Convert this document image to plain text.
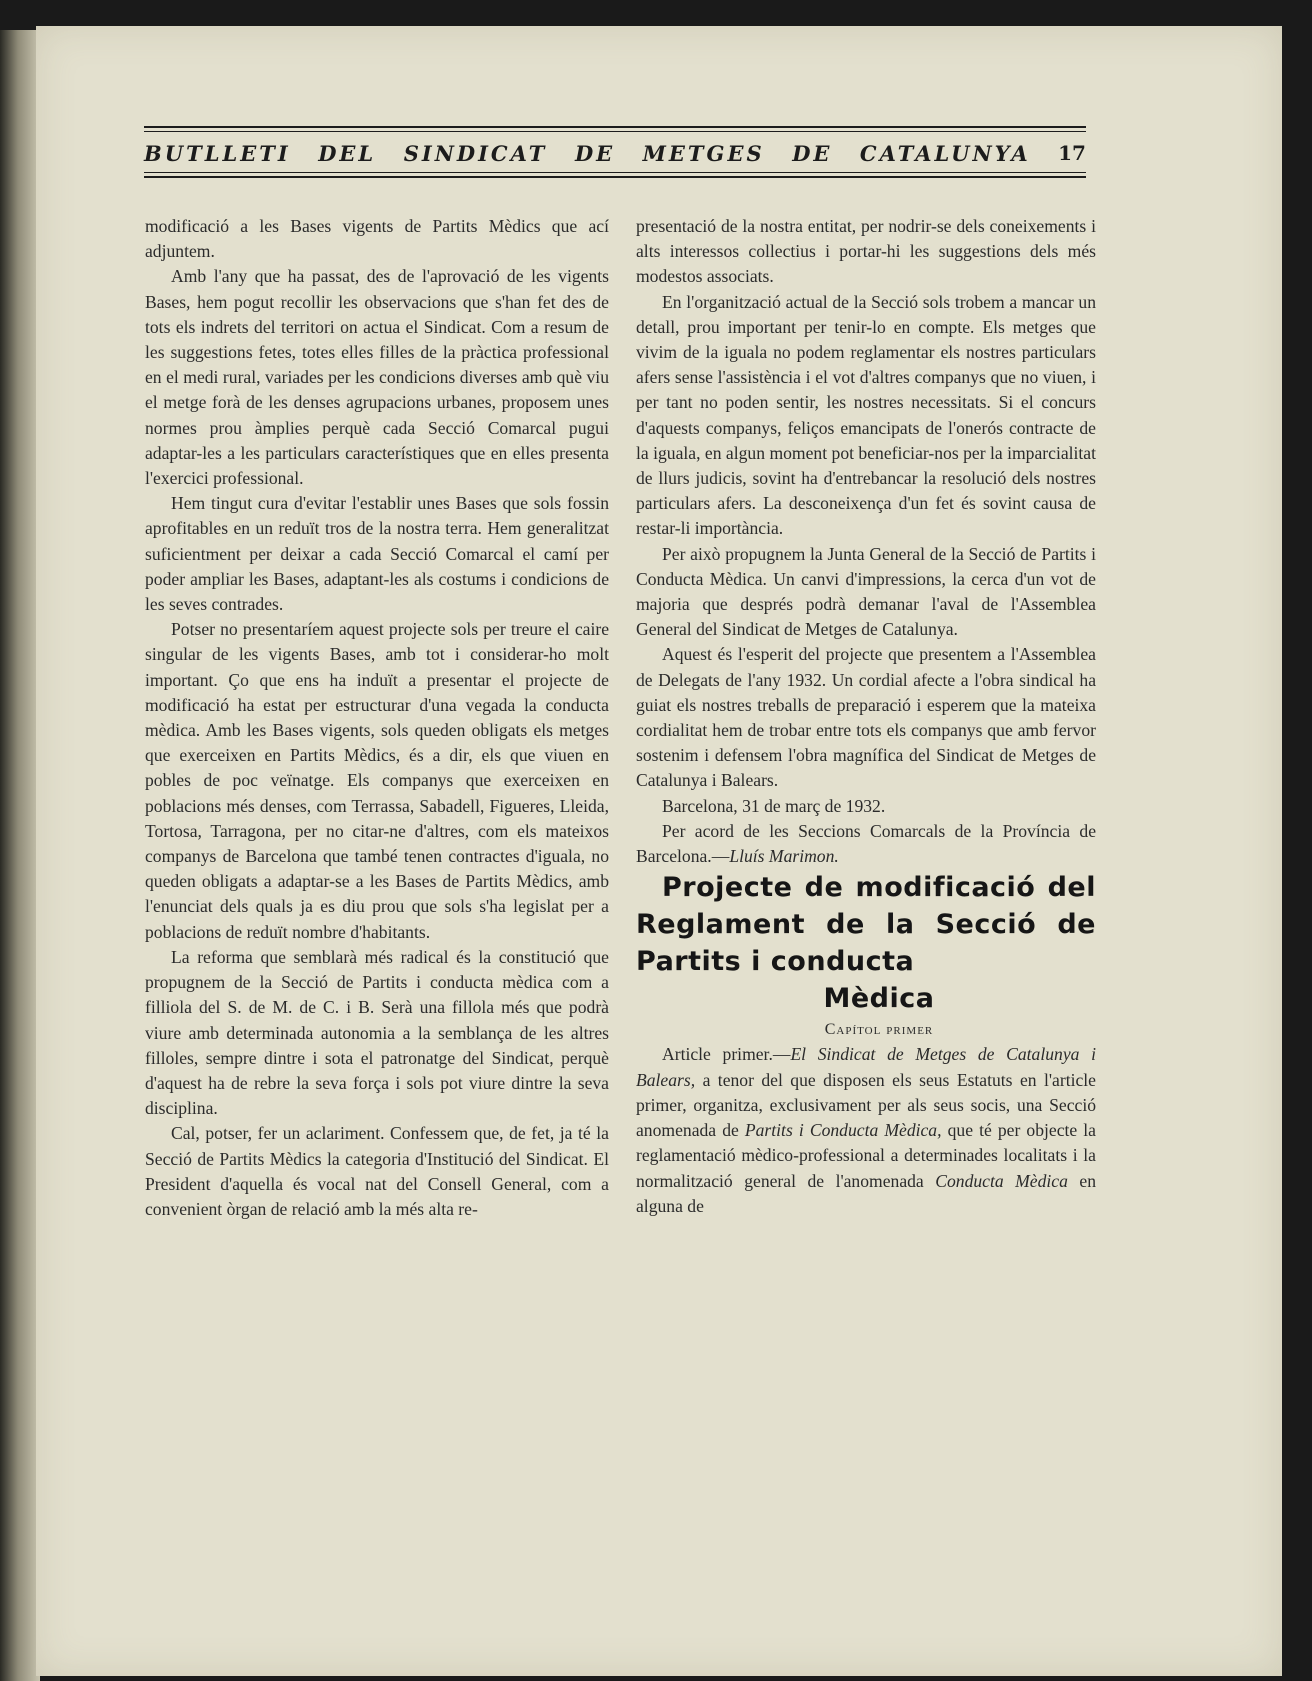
BUTLLETI DEL SINDICAT DE METGES DE CATALUNYA 17

modificació a les Bases vigents de Partits Mèdics que ací adjuntem.

Amb l'any que ha passat, des de l'aprovació de les vigents Bases, hem pogut recollir les observacions que s'han fet des de tots els indrets del territori on actua el Sindicat. Com a resum de les suggestions fetes, totes elles filles de la pràctica professional en el medi rural, variades per les condicions diverses amb què viu el metge forà de les denses agrupacions urbanes, proposem unes normes prou àmplies perquè cada Secció Comarcal pugui adaptar-les a les particulars característiques que en elles presenta l'exercici professional.

Hem tingut cura d'evitar l'establir unes Bases que sols fossin aprofitables en un reduït tros de la nostra terra. Hem generalitzat suficientment per deixar a cada Secció Comarcal el camí per poder ampliar les Bases, adaptant-les als costums i condicions de les seves contrades.

Potser no presentaríem aquest projecte sols per treure el caire singular de les vigents Bases, amb tot i considerar-ho molt important. Ço que ens ha induït a presentar el projecte de modificació ha estat per estructurar d'una vegada la conducta mèdica. Amb les Bases vigents, sols queden obligats els metges que exerceixen en Partits Mèdics, és a dir, els que viuen en pobles de poc veïnatge. Els companys que exerceixen en poblacions més denses, com Terrassa, Sabadell, Figueres, Lleida, Tortosa, Tarragona, per no citar-ne d'altres, com els mateixos companys de Barcelona que també tenen contractes d'iguala, no queden obligats a adaptar-se a les Bases de Partits Mèdics, amb l'enunciat dels quals ja es diu prou que sols s'ha legislat per a poblacions de reduït nombre d'habitants.

La reforma que semblarà més radical és la constitució que propugnem de la Secció de Partits i conducta mèdica com a filliola del S. de M. de C. i B. Serà una fillola més que podrà viure amb determinada autonomia a la semblança de les altres filloles, sempre dintre i sota el patronatge del Sindicat, perquè d'aquest ha de rebre la seva força i sols pot viure dintre la seva disciplina.

Cal, potser, fer un aclariment. Confessem que, de fet, ja té la Secció de Partits Mèdics la categoria d'Institució del Sindicat. El President d'aquella és vocal nat del Consell General, com a convenient òrgan de relació amb la més alta re-

presentació de la nostra entitat, per nodrir-se dels coneixements i alts interessos collectius i portar-hi les suggestions dels més modestos associats.

En l'organització actual de la Secció sols trobem a mancar un detall, prou important per tenir-lo en compte. Els metges que vivim de la iguala no podem reglamentar els nostres particulars afers sense l'assistència i el vot d'altres companys que no viuen, i per tant no poden sentir, les nostres necessitats. Si el concurs d'aquests companys, feliços emancipats de l'onerós contracte de la iguala, en algun moment pot beneficiar-nos per la imparcialitat de llurs judicis, sovint ha d'entrebancar la resolució dels nostres particulars afers. La desconeixença d'un fet és sovint causa de restar-li importància.

Per això propugnem la Junta General de la Secció de Partits i Conducta Mèdica. Un canvi d'impressions, la cerca d'un vot de majoria que després podrà demanar l'aval de l'Assemblea General del Sindicat de Metges de Catalunya.

Aquest és l'esperit del projecte que presentem a l'Assemblea de Delegats de l'any 1932. Un cordial afecte a l'obra sindical ha guiat els nostres treballs de preparació i esperem que la mateixa cordialitat hem de trobar entre tots els companys que amb fervor sostenim i defensem l'obra magnífica del Sindicat de Metges de Catalunya i Balears.

Barcelona, 31 de març de 1932.

Per acord de les Seccions Comarcals de la Província de Barcelona.—Lluís Marimon.

Projecte de modificació del Reglament de la Secció de Partits i conducta
Mèdica

Capítol primer

Article primer.—El Sindicat de Metges de Catalunya i Balears, a tenor del que disposen els seus Estatuts en l'article primer, organitza, exclusivament per als seus socis, una Secció anomenada de Partits i Conducta Mèdica, que té per objecte la reglamentació mèdico-professional a determinades localitats i la normalització general de l'anomenada Conducta Mèdica en alguna de
